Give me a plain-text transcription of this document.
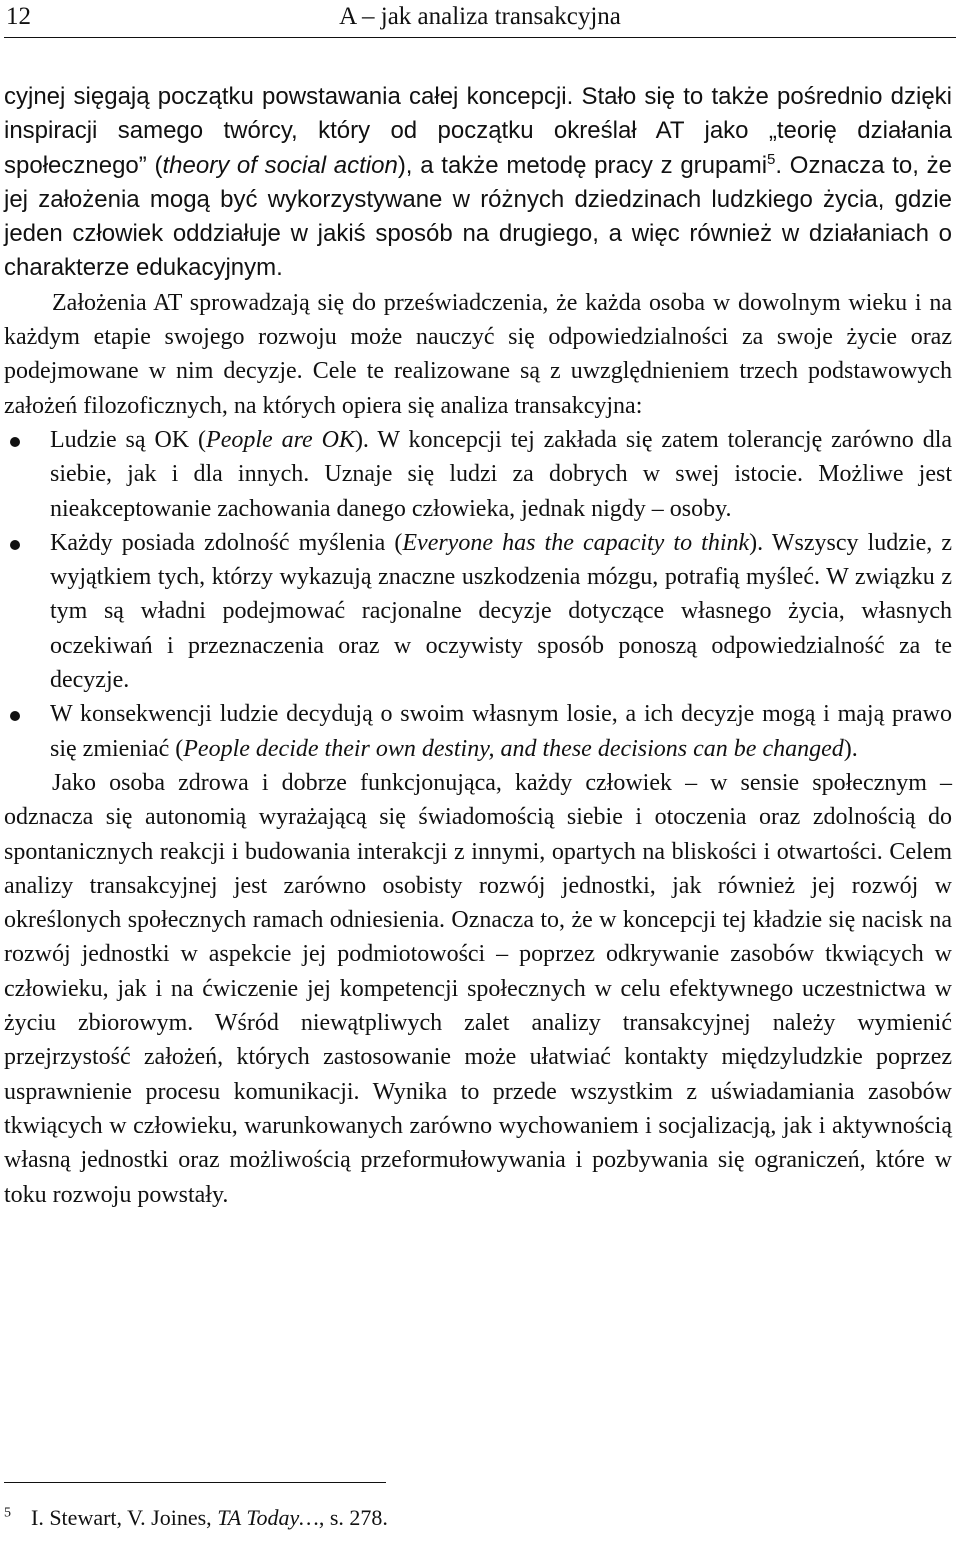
12	A – jak analiza transakcyjna

cyjnej sięgają początku powstawania całej koncepcji. Stało się to także pośrednio dzięki inspiracji samego twórcy, który od początku określał AT jako „teorię działania społecznego” (theory of social action), a także metodę pracy z grupami$^5$. Oznacza to, że jej założenia mogą być wykorzystywane w różnych dziedzinach ludzkiego życia, gdzie jeden człowiek oddziałuje w jakiś sposób na drugiego, a więc również w działaniach o charakterze edukacyjnym.

Założenia AT sprowadzają się do przeświadczenia, że każda osoba w dowolnym wieku i na każdym etapie swojego rozwoju może nauczyć się odpowiedzialności za swoje życie oraz podejmowane w nim decyzje. Cele te realizowane są z uwzględnieniem trzech podstawowych założeń filozoficznych, na których opiera się analiza transakcyjna:

Ludzie są OK (People are OK). W koncepcji tej zakłada się zatem tolerancję zarówno dla siebie, jak i dla innych. Uznaje się ludzi za dobrych w swej istocie. Możliwe jest nieakceptowanie zachowania danego człowieka, jednak nigdy – osoby.
Każdy posiada zdolność myślenia (Everyone has the capacity to think). Wszyscy ludzie, z wyjątkiem tych, którzy wykazują znaczne uszkodzenia mózgu, potrafią myśleć. W związku z tym są władni podejmować racjonalne decyzje dotyczące własnego życia, własnych oczekiwań i przeznaczenia oraz w oczywisty sposób ponoszą odpowiedzialność za te decyzje.
W konsekwencji ludzie decydują o swoim własnym losie, a ich decyzje mogą i mają prawo się zmieniać (People decide their own destiny, and these decisions can be changed).

Jako osoba zdrowa i dobrze funkcjonująca, każdy człowiek – w sensie społecznym – odznacza się autonomią wyrażającą się świadomością siebie i otoczenia oraz zdolnością do spontanicznych reakcji i budowania interakcji z innymi, opartych na bliskości i otwartości. Celem analizy transakcyjnej jest zarówno osobisty rozwój jednostki, jak również jej rozwój w określonych społecznych ramach odniesienia. Oznacza to, że w koncepcji tej kładzie się nacisk na rozwój jednostki w aspekcie jej podmiotowości – poprzez odkrywanie zasobów tkwiących w człowieku, jak i na ćwiczenie jej kompetencji społecznych w celu efektywnego uczestnictwa w życiu zbiorowym. Wśród niewątpliwych zalet analizy transakcyjnej należy wymienić przejrzystość założeń, których zastosowanie może ułatwiać kontakty międzyludzkie poprzez usprawnienie procesu komunikacji. Wynika to przede wszystkim z uświadamiania zasobów tkwiących w człowieku, warunkowanych zarówno wychowaniem i socjalizacją, jak i aktywnością własną jednostki oraz możliwością przeformułowywania i pozbywania się ograniczeń, które w toku rozwoju powstały.

$^5$ I. Stewart, V. Joines, TA Today…, s. 278.
